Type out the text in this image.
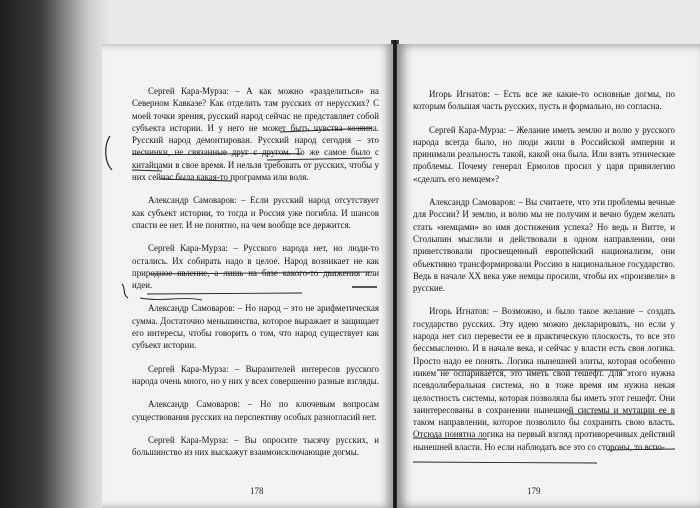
Сергей Кара-Мурза: – А как можно «разделиться» на Северном Кавказе? Как отделить там русских от нерусских? С моей точки зрения, русский народ сейчас не представляет собой субъекта истории. И у него не может быть чувства хозяина. Русский народ демонтирован. Русский народ сегодня – это песчинки, не связанные друг с другом. То же самое было с китайцами в свое время. И нельзя требовать от русских, чтобы у них сейчас была какая-то программа или воля.

Александр Самоваров: – Если русский народ отсутствует как субъект истории, то тогда и Россия уже погибла. И шансов спасти ее нет. И не понятно, на чем вообще все держится.

Сергей Кара-Мурза: – Русского народа нет, но люди-то остались. Их собирать надо в целое. Народ возникает не как природное явление, а лишь на базе какого-то движения или идеи.

Александр Самоваров: – Но народ – это не арифметическая сумма. Достаточно меньшинства, которое выражает и защищает его интересы, чтобы говорить о том, что народ существует как субъект истории.

Сергей Кара-Мурза: – Выразителей интересов русского народа очень много, но у них у всех совершенно разные взгляды.

Александр Самоваров: – Но по ключевым вопросам существования русских на перспективу особых разногласий нет.

Сергей Кара-Мурза: – Вы опросите тысячу русских, и большинство из них выскажут взаимоисключающие догмы.

178

Игорь Игнатов: – Есть все же какие-то основные догмы, по которым большая часть русских, пусть и формально, но согласна.

Сергей Кара-Мурза: – Желание иметь землю и волю у русского народа всегда было, но люди жили в Российской империи и принимали реальность такой, какой она была. Или взять этнические проблемы. Почему генерал Ермолов просил у царя привилегию «сделать его немцем»?

Александр Самоваров: – Вы считаете, что эти проблемы вечные для России? И землю, и волю мы не получим и вечно будем желать стать «немцами» во имя достижения успеха? Но ведь и Витте, и Столыпин мыслили и действовали в одном направлении, они приветствовали просвещенный европейский национализм, они объективно трансформировали Россию в национальное государство. Ведь в начале XX века уже немцы просили, чтобы их «произвели» в русские.

Игорь Игнатов: – Возможно, и было такое желание – создать государство русских. Эту идею можно декларировать, но если у народа нет сил перевести ее в практическую плоскость, то все это бессмысленно. И в начале века, и сейчас у власти есть своя логика. Просто надо ее понять. Логика нынешней элиты, которая особенно никем не оспаривается, это иметь свой гешефт. Для этого нужна псевдолиберальная система, но в тоже время им нужна некая целостность системы, которая позволяла бы иметь этот гешефт. Они заинтересованы в сохранении нынешней системы и мутации ее в таком направлении, которое позволило бы сохранить свою власть. Отсюда понятна логика на первый взгляд противоречивых действий нынешней власти. Но если наблюдать все это со стороны, то вспо-

179
